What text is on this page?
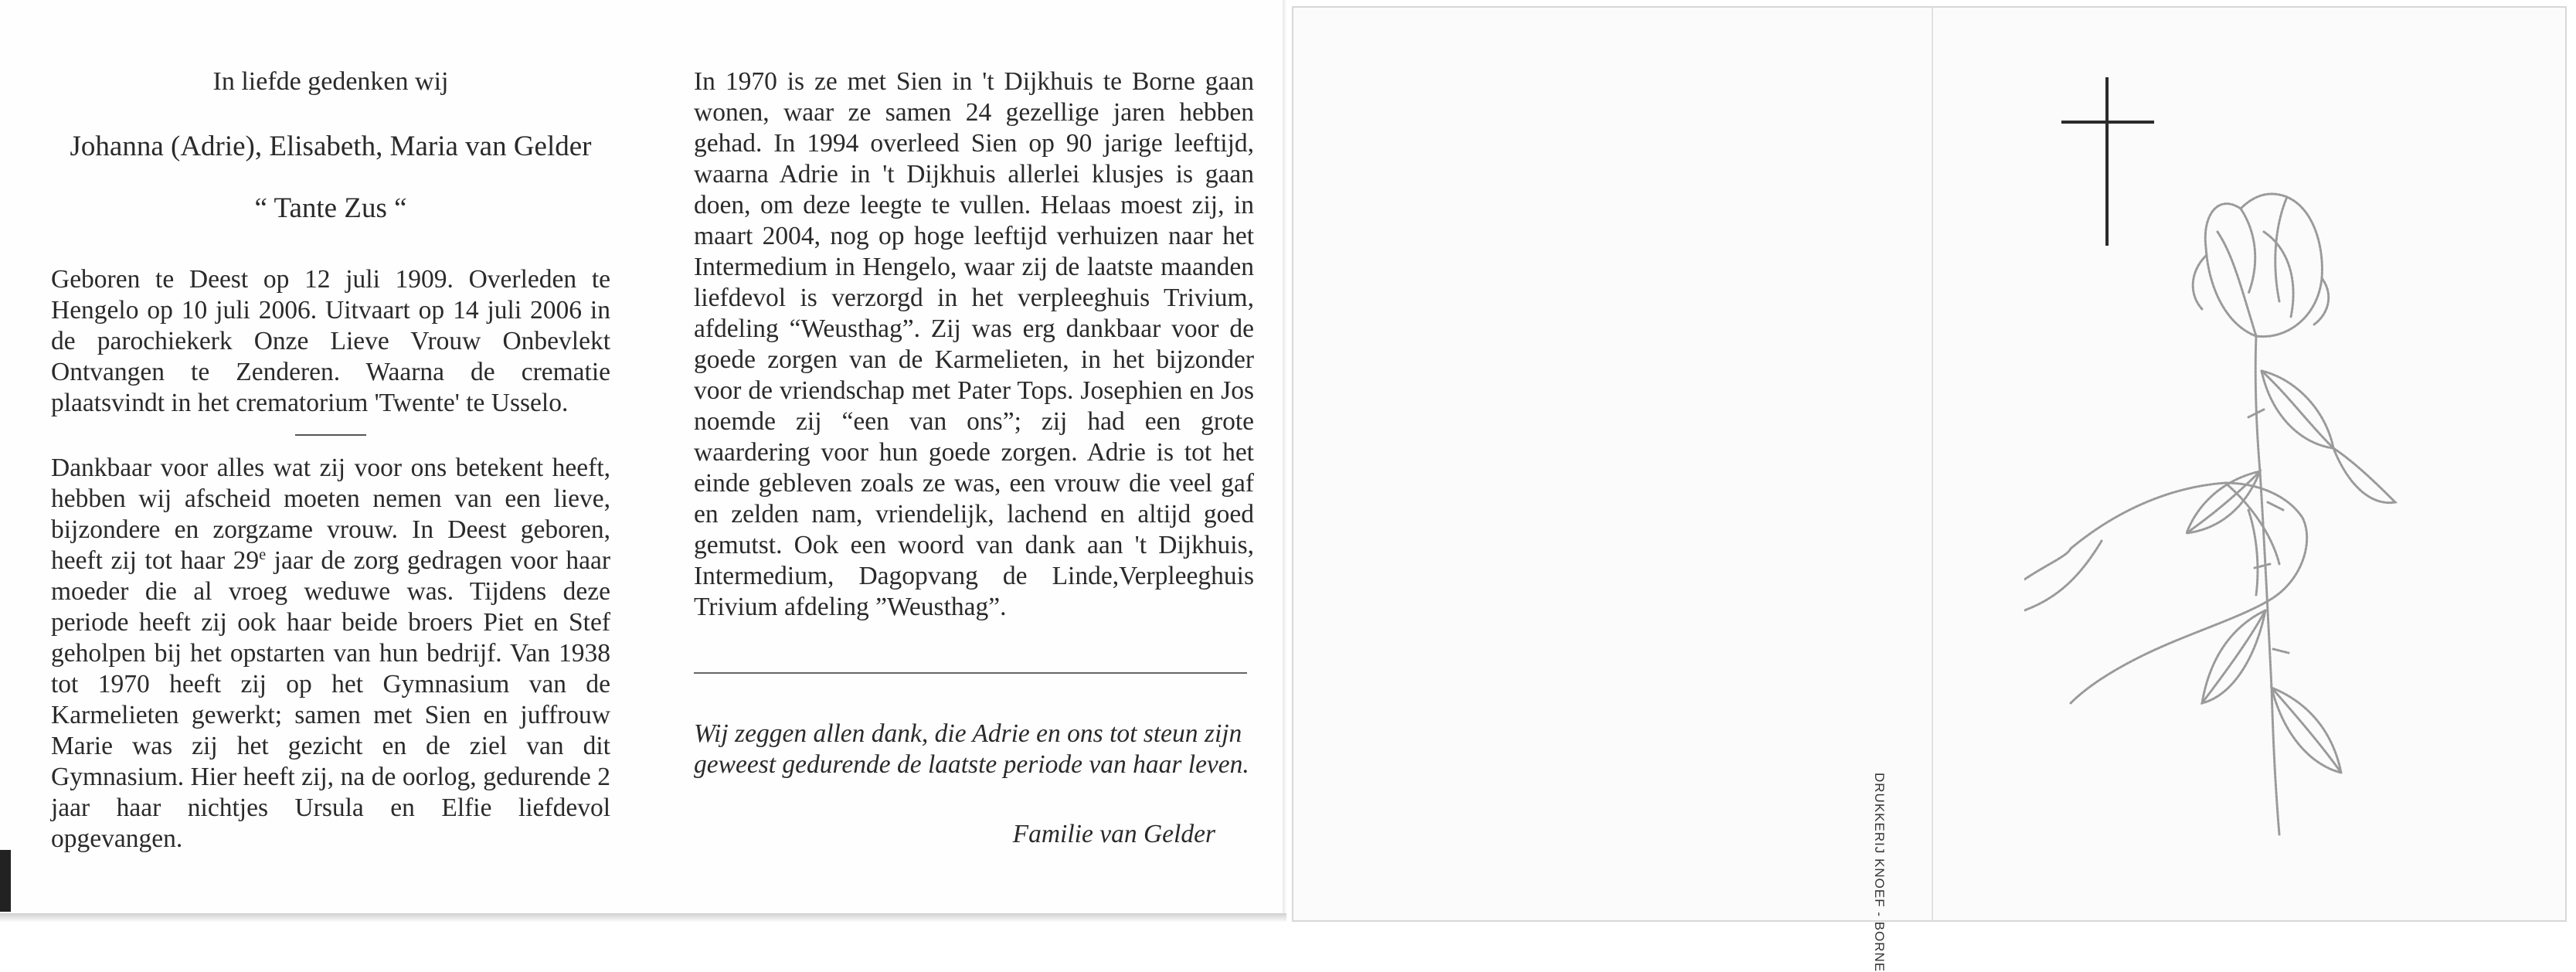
In liefde gedenken wij

Johanna (Adrie), Elisabeth, Maria van Gelder

“ Tante Zus “

Geboren te Deest op 12 juli 1909. Overleden te Hengelo op 10 juli 2006. Uitvaart op 14 juli 2006 in de parochiekerk Onze Lieve Vrouw Onbevlekt Ontvangen te Zenderen. Waarna de crematie plaatsvindt in het crematorium 'Twente' te Usselo.

Dankbaar voor alles wat zij voor ons betekent heeft, hebben wij afscheid moeten nemen van een lieve, bijzondere en zorgzame vrouw. In Deest geboren, heeft zij tot haar 29e jaar de zorg gedragen voor haar moeder die al vroeg weduwe was. Tijdens deze periode heeft zij ook haar beide broers Piet en Stef geholpen bij het opstarten van hun bedrijf. Van 1938 tot 1970 heeft zij op het Gymnasium van de Karmelieten gewerkt; samen met Sien en juffrouw Marie was zij het gezicht en de ziel van dit Gymnasium. Hier heeft zij, na de oorlog, gedurende 2 jaar haar nichtjes Ursula en Elfie liefdevol opgevangen.

In 1970 is ze met Sien in 't Dijkhuis te Borne gaan wonen, waar ze samen 24 gezellige jaren hebben gehad. In 1994 overleed Sien op 90 jarige leeftijd, waarna Adrie in 't Dijkhuis allerlei klusjes is gaan doen, om deze leegte te vullen. Helaas moest zij, in maart 2004, nog op hoge leeftijd verhuizen naar het Intermedium in Hengelo, waar zij de laatste maanden liefdevol is verzorgd in het verpleeghuis Trivium, afdeling “Weusthag”. Zij was erg dankbaar voor de goede zorgen van de Karmelieten, in het bijzonder voor de vriendschap met Pater Tops. Josephien en Jos noemde zij “een van ons”; zij had een grote waardering voor hun goede zorgen. Adrie is tot het einde gebleven zoals ze was, een vrouw die veel gaf en zelden nam, vriendelijk, lachend en altijd goed gemutst. Ook een woord van dank aan 't Dijkhuis, Intermedium, Dagopvang de Linde,Verpleeghuis Trivium afdeling ”Weusthag”.

Wij zeggen allen dank, die Adrie en ons tot steun zijn geweest gedurende de laatste periode van haar leven.

Familie van Gelder
